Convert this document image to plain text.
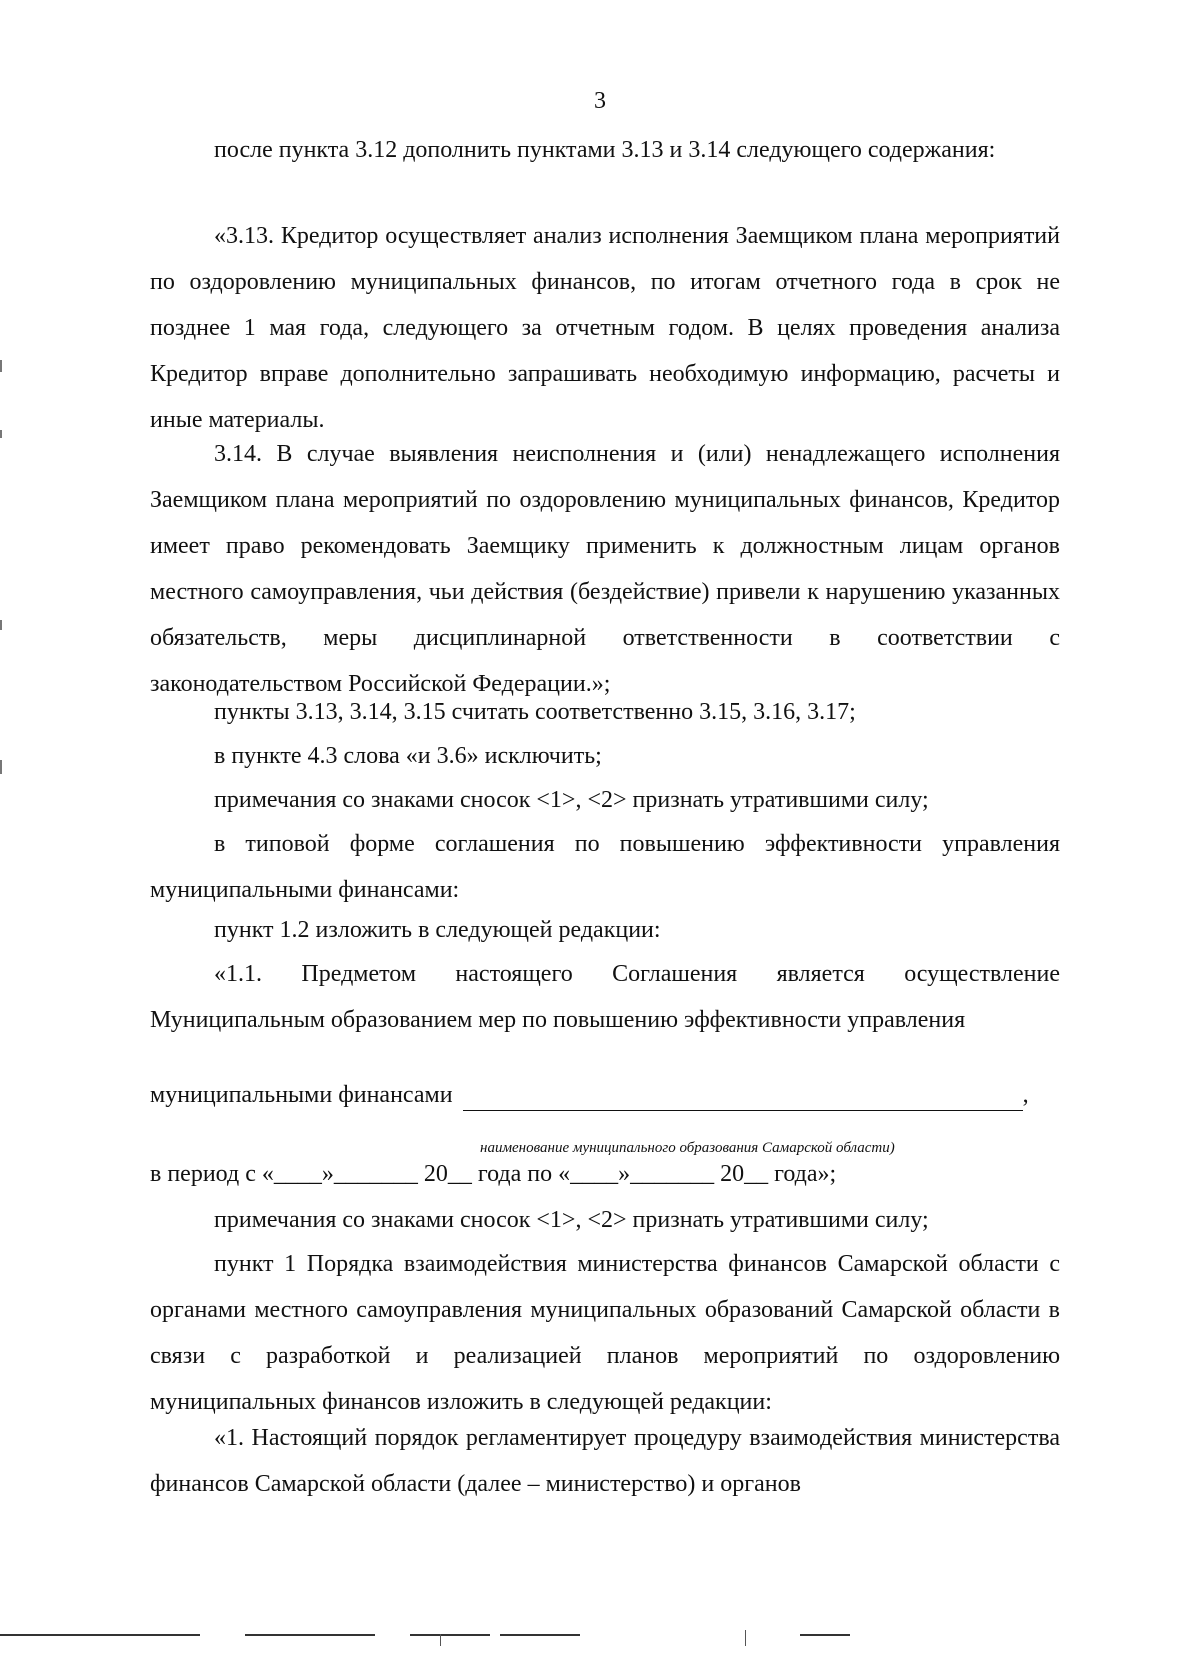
3

после пункта 3.12 дополнить пунктами 3.13 и 3.14 следующего содержания:

«3.13. Кредитор осуществляет анализ исполнения Заемщиком плана мероприятий по оздоровлению муниципальных финансов, по итогам отчетного года в срок не позднее 1 мая года, следующего за отчетным годом. В целях проведения анализа Кредитор вправе дополнительно запрашивать необходимую информацию, расчеты и иные материалы.

3.14. В случае выявления неисполнения и (или) ненадлежащего исполнения Заемщиком плана мероприятий по оздоровлению муниципальных финансов, Кредитор имеет право рекомендовать Заемщику применить к должностным лицам органов местного самоуправления, чьи действия (бездействие) привели к нарушению указанных обязательств, меры дисциплинарной ответственности в соответствии с законодательством Российской Федерации.»;

пункты 3.13, 3.14, 3.15 считать соответственно 3.15, 3.16, 3.17;

в пункте 4.3 слова «и 3.6» исключить;

примечания со знаками сносок <1>, <2> признать утратившими силу;

в типовой форме соглашения по повышению эффективности управления муниципальными финансами:

пункт 1.2 изложить в следующей редакции:

«1.1. Предметом настоящего Соглашения является осуществление Муниципальным образованием мер по повышению эффективности управления

муниципальными финансами	,
наименование муниципального образования Самарской области)
в период с «____»_______ 20__ года по «____»_______ 20__ года»;

примечания со знаками сносок <1>, <2> признать утратившими силу;

пункт 1 Порядка взаимодействия министерства финансов Самарской области с органами местного самоуправления муниципальных образований Самарской области в связи с разработкой и реализацией планов мероприятий по оздоровлению муниципальных финансов изложить в следующей редакции:

«1. Настоящий порядок регламентирует процедуру взаимодействия министерства финансов Самарской области (далее – министерство) и органов
